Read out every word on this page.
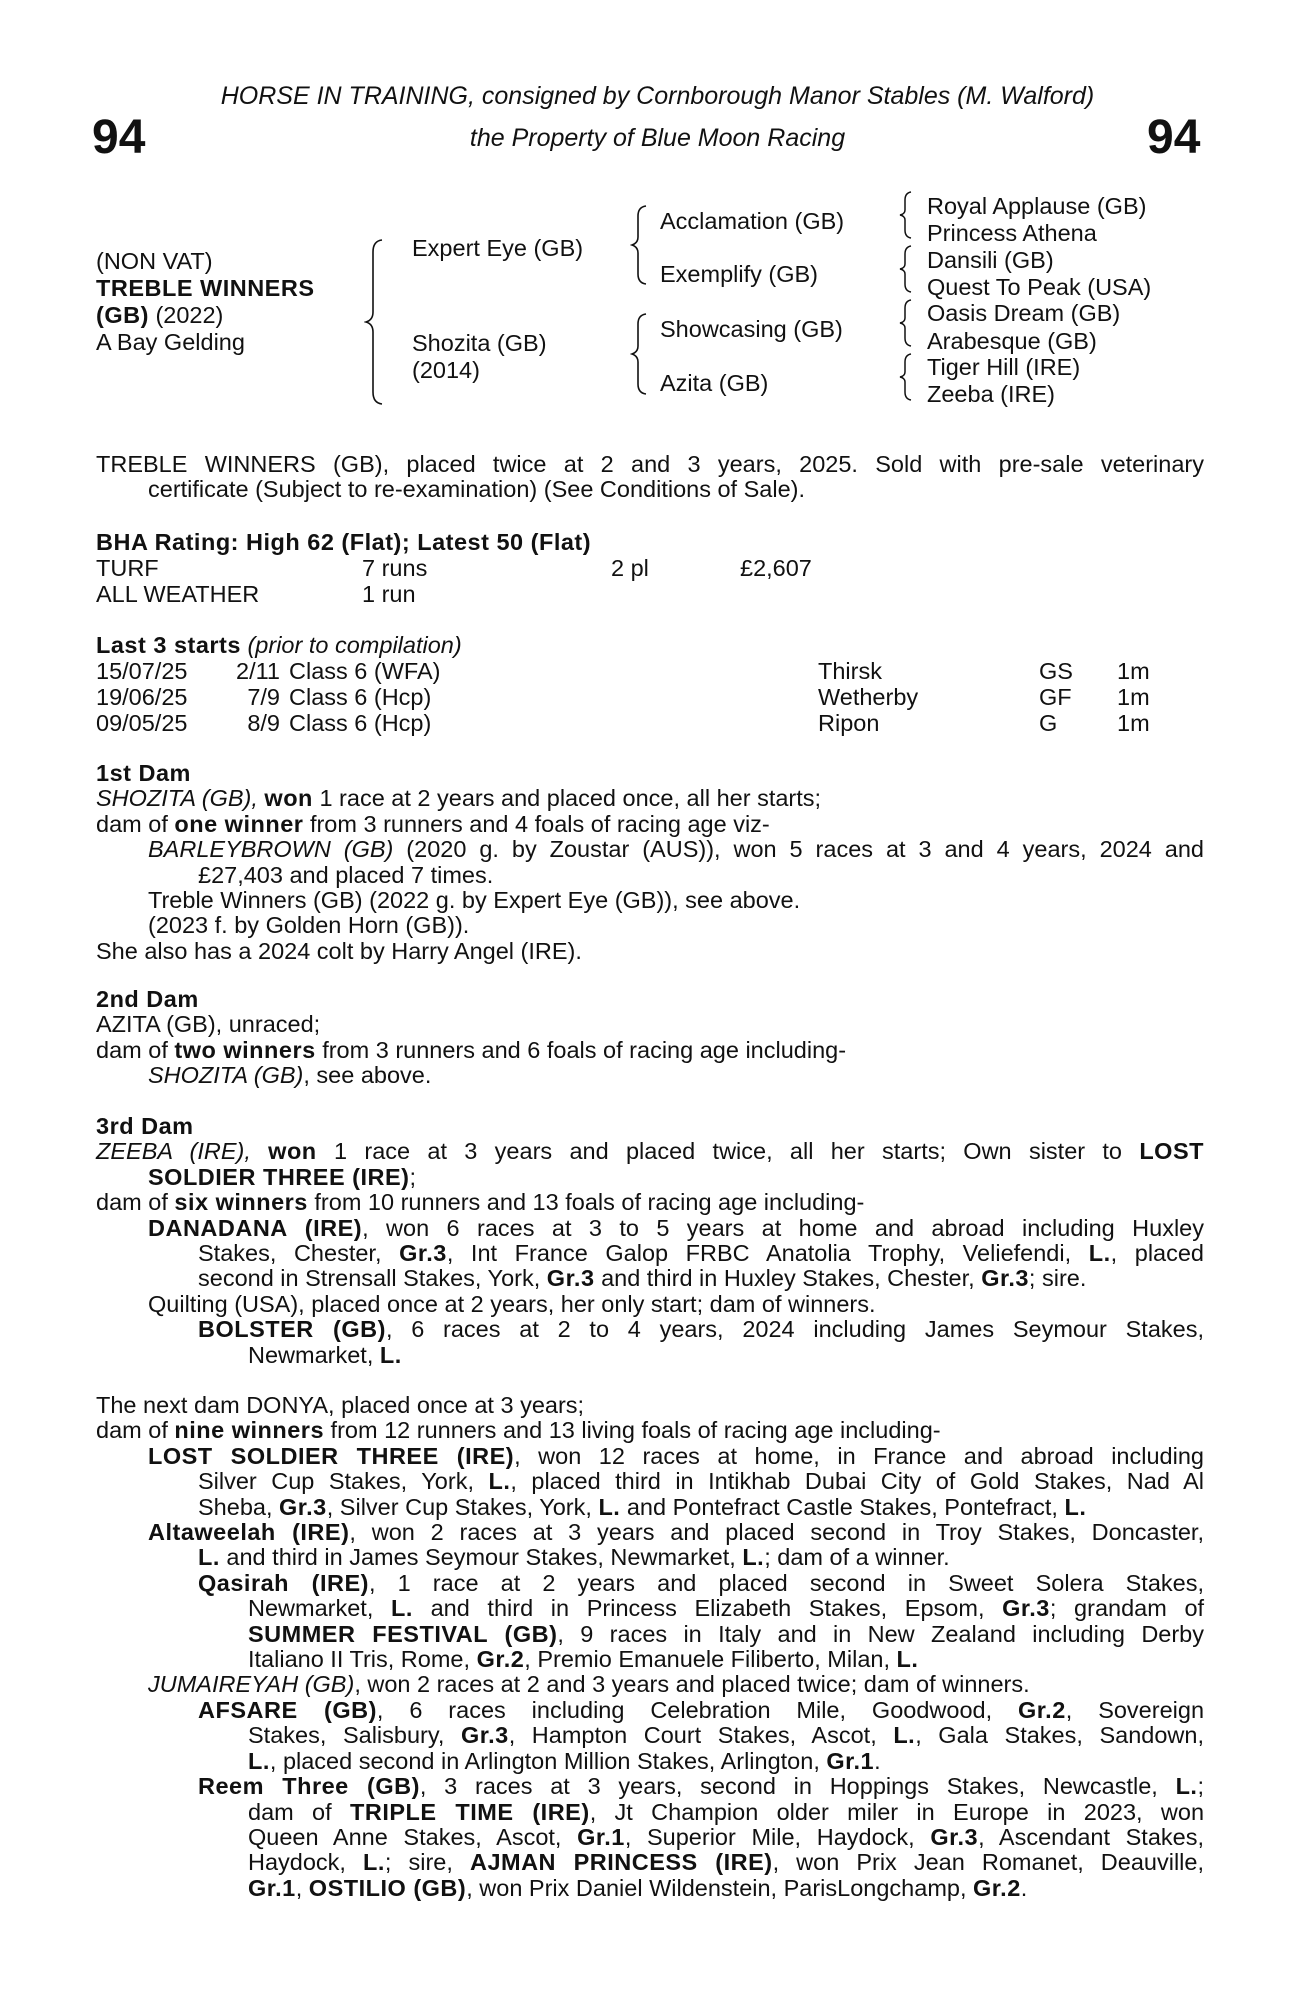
HORSE IN TRAINING, consigned by Cornborough Manor Stables (M. Walford)
the Property of Blue Moon Racing
94	94
(NON VAT)
TREBLE WINNERS
(GB) (2022)
A Bay Gelding
Expert Eye (GB)
Shozita (GB)
(2014)
Acclamation (GB)
Exemplify (GB)
Showcasing (GB)
Azita (GB)
Royal Applause (GB)
Princess Athena
Dansili (GB)
Quest To Peak (USA)
Oasis Dream (GB)
Arabesque (GB)
Tiger Hill (IRE)
Zeeba (IRE)
TREBLE WINNERS (GB), placed twice at 2 and 3 years, 2025. Sold with pre-sale veterinary
certificate (Subject to re-examination) (See Conditions of Sale).
BHA Rating: High 62 (Flat); Latest 50 (Flat)
TURF	7 runs	2 pl	£2,607
ALL WEATHER	1 run
Last 3 starts (prior to compilation)
15/07/25	2/11 Class 6 (WFA)	Thirsk	GS 1m
19/06/25	7/9 Class 6 (Hcp)	Wetherby	GF 1m
09/05/25	8/9 Class 6 (Hcp)	Ripon	G	1m
1st Dam
SHOZITA (GB), won 1 race at 2 years and placed once, all her starts;
dam of one winner from 3 runners and 4 foals of racing age viz-
BARLEYBROWN (GB) (2020 g. by Zoustar (AUS)), won 5 races at 3 and 4 years, 2024 and
£27,403 and placed 7 times.
Treble Winners (GB) (2022 g. by Expert Eye (GB)), see above.
(2023 f. by Golden Horn (GB)).
She also has a 2024 colt by Harry Angel (IRE).
2nd Dam
AZITA (GB), unraced;
dam of two winners from 3 runners and 6 foals of racing age including-
SHOZITA (GB), see above.
3rd Dam
ZEEBA (IRE), won 1 race at 3 years and placed twice, all her starts; Own sister to LOST
SOLDIER THREE (IRE);
dam of six winners from 10 runners and 13 foals of racing age including-
DANADANA (IRE), won 6 races at 3 to 5 years at home and abroad including Huxley
Stakes, Chester, Gr.3, Int France Galop FRBC Anatolia Trophy, Veliefendi, L., placed
second in Strensall Stakes, York, Gr.3 and third in Huxley Stakes, Chester, Gr.3; sire.
Quilting (USA), placed once at 2 years, her only start; dam of winners.
BOLSTER (GB), 6 races at 2 to 4 years, 2024 including James Seymour Stakes,
Newmarket, L.
The next dam DONYA, placed once at 3 years;
dam of nine winners from 12 runners and 13 living foals of racing age including-
LOST SOLDIER THREE (IRE), won 12 races at home, in France and abroad including
Silver Cup Stakes, York, L., placed third in Intikhab Dubai City of Gold Stakes, Nad Al
Sheba, Gr.3, Silver Cup Stakes, York, L. and Pontefract Castle Stakes, Pontefract, L.
Altaweelah (IRE), won 2 races at 3 years and placed second in Troy Stakes, Doncaster,
L. and third in James Seymour Stakes, Newmarket, L.; dam of a winner.
Qasirah (IRE), 1 race at 2 years and placed second in Sweet Solera Stakes,
Newmarket, L. and third in Princess Elizabeth Stakes, Epsom, Gr.3; grandam of
SUMMER FESTIVAL (GB), 9 races in Italy and in New Zealand including Derby
Italiano II Tris, Rome, Gr.2, Premio Emanuele Filiberto, Milan, L.
JUMAIREYAH (GB), won 2 races at 2 and 3 years and placed twice; dam of winners.
AFSARE (GB), 6 races including Celebration Mile, Goodwood, Gr.2, Sovereign
Stakes, Salisbury, Gr.3, Hampton Court Stakes, Ascot, L., Gala Stakes, Sandown,
L., placed second in Arlington Million Stakes, Arlington, Gr.1.
Reem Three (GB), 3 races at 3 years, second in Hoppings Stakes, Newcastle, L.;
dam of TRIPLE TIME (IRE), Jt Champion older miler in Europe in 2023, won
Queen Anne Stakes, Ascot, Gr.1, Superior Mile, Haydock, Gr.3, Ascendant Stakes,
Haydock, L.; sire, AJMAN PRINCESS (IRE), won Prix Jean Romanet, Deauville,
Gr.1, OSTILIO (GB), won Prix Daniel Wildenstein, ParisLongchamp, Gr.2.
